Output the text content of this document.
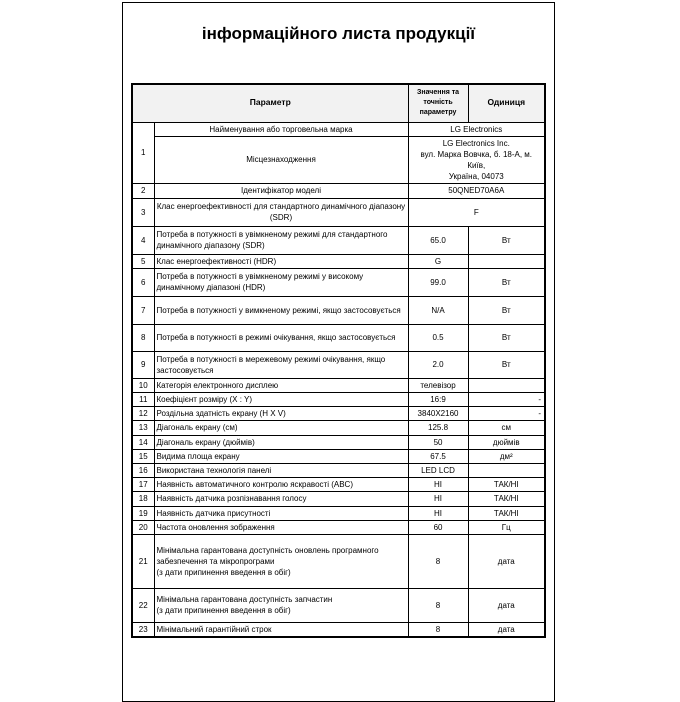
інформаційного листа продукції
Параметр		Значення та точність параметру	Одиниця
1	Найменування або торговельна марка	LG Electronics	
	Місцезнаходження	LG Electronics Inc.
вул. Марка Вовчка, б. 18-А, м. Київ,
Україна, 04073	

2	Ідентифікатор моделі	50QNED70A6A	
3	Клас енергоефективності для стандартного динамічного діапазону (SDR)	F	
4	Потреба в потужності в увімкненому режимі для стандартного динамічного діапазону (SDR)	65.0	Вт
5	Клас енергоефективності (HDR)	G	
6	Потреба в потужності в увімкненому режимі у високому динамічному діапазоні (HDR)	99.0	Вт
7	Потреба в потужності у вимкненому режимі, якщо застосовується	N/A	Вт
8	Потреба в потужності в режимі очікування, якщо застосовується	0.5	Вт
9	Потреба в потужності в мережевому режимі очікування, якщо застосовується	2.0	Вт
10	Категорія електронного дисплею	телевізор	
11	Коефіцієнт розміру (X : Y)	16:9	-
12	Роздільна здатність екрану (H X V)	3840X2160	-
13	Діагональ екрану (см)	125.8	см
14	Діагональ екрану (дюймів)	50	дюймів
15	Видима площа екрану	67.5	дм²
16	Використана технологія панелі	LED LCD	
17	Наявність автоматичного контролю яскравості (ABC)	НІ	ТАК/НІ
18	Наявність датчика розпізнавання голосу	НІ	ТАК/НІ
19	Наявність датчика присутності	НІ	ТАК/НІ
20	Частота оновлення зображення	60	Гц
21	Мінімальна гарантована доступність оновлень програмного забезпечення та мікропрограми
(з дати припинення введення в обіг)	8	дата
22	Мінімальна гарантована доступність запчастин
(з дати припинення введення в обіг)	8	дата
23	Мінімальний гарантійний строк	8	дата
